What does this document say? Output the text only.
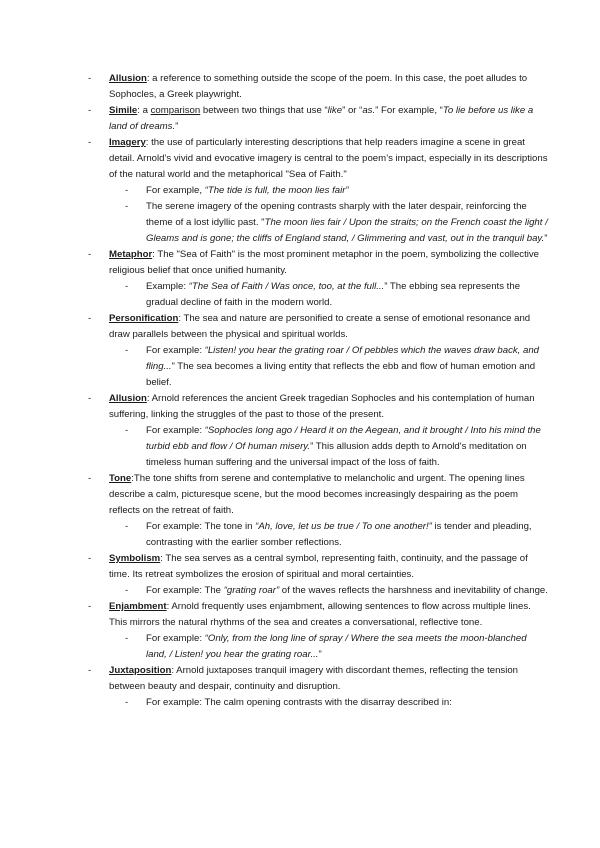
- Allusion: a reference to something outside the scope of the poem. In this case, the poet alludes to Sophocles, a Greek playwright.
- Simile: a comparison between two things that use “like” or “as.” For example, “To lie before us like a land of dreams.”
- Imagery: the use of particularly interesting descriptions that help readers imagine a scene in great detail. Arnold’s vivid and evocative imagery is central to the poem’s impact, especially in its descriptions of the natural world and the metaphorical "Sea of Faith."
- For example, “The tide is full, the moon lies fair”
- The serene imagery of the opening contrasts sharply with the later despair, reinforcing the theme of a lost idyllic past. "The moon lies fair / Upon the straits; on the French coast the light / Gleams and is gone; the cliffs of England stand, / Glimmering and vast, out in the tranquil bay.”
- Metaphor: The "Sea of Faith" is the most prominent metaphor in the poem, symbolizing the collective religious belief that once unified humanity.
- Example: “The Sea of Faith / Was once, too, at the full...” The ebbing sea represents the gradual decline of faith in the modern world.
- Personification: The sea and nature are personified to create a sense of emotional resonance and draw parallels between the physical and spiritual worlds.
- For example: “Listen! you hear the grating roar / Of pebbles which the waves draw back, and fling...” The sea becomes a living entity that reflects the ebb and flow of human emotion and belief.
- Allusion: Arnold references the ancient Greek tragedian Sophocles and his contemplation of human suffering, linking the struggles of the past to those of the present.
- For example: “Sophocles long ago / Heard it on the Aegean, and it brought / Into his mind the turbid ebb and flow / Of human misery.” This allusion adds depth to Arnold's meditation on timeless human suffering and the universal impact of the loss of faith.
- Tone:The tone shifts from serene and contemplative to melancholic and urgent. The opening lines describe a calm, picturesque scene, but the mood becomes increasingly despairing as the poem reflects on the retreat of faith.
- For example: The tone in “Ah, love, let us be true / To one another!” is tender and pleading, contrasting with the earlier somber reflections.
- Symbolism: The sea serves as a central symbol, representing faith, continuity, and the passage of time. Its retreat symbolizes the erosion of spiritual and moral certainties.
- For example: The “grating roar” of the waves reflects the harshness and inevitability of change.
- Enjambment: Arnold frequently uses enjambment, allowing sentences to flow across multiple lines. This mirrors the natural rhythms of the sea and creates a conversational, reflective tone.
- For example: “Only, from the long line of spray / Where the sea meets the moon-blanched land, / Listen! you hear the grating roar...”
- Juxtaposition: Arnold juxtaposes tranquil imagery with discordant themes, reflecting the tension between beauty and despair, continuity and disruption.
- For example: The calm opening contrasts with the disarray described in:
